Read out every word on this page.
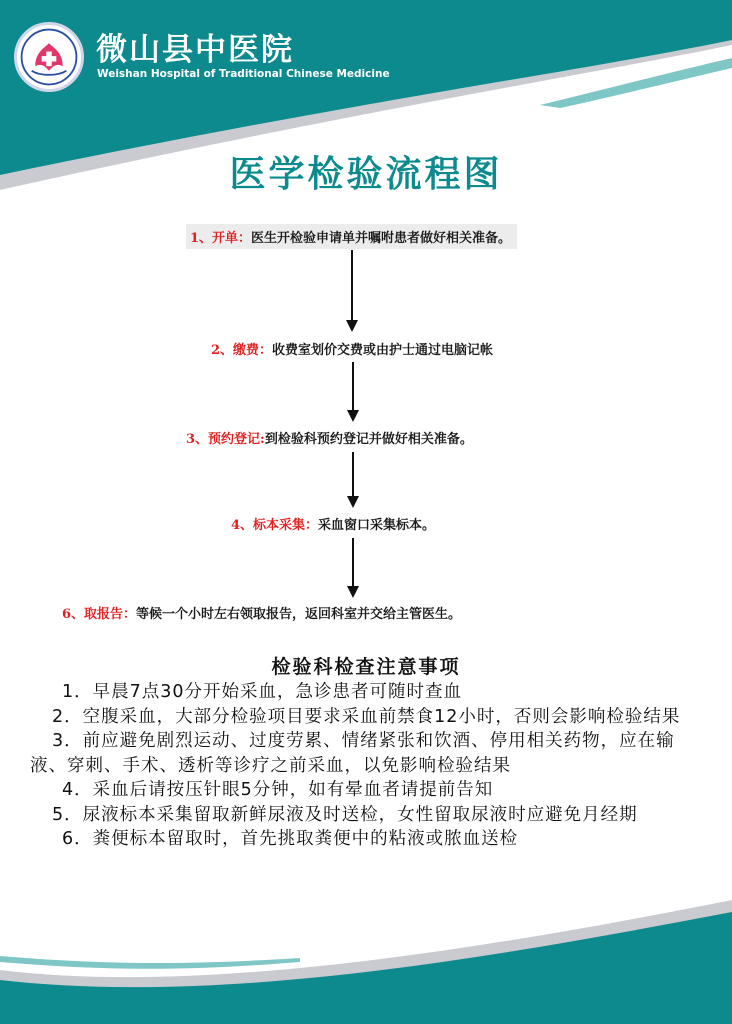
微山县中医院
Weishan Hospital of Traditional Chinese Medicine
医学检验流程图
1、开单：医生开检验申请单并嘱咐患者做好相关准备。
2、缴费：收费室划价交费或由护士通过电脑记帐
3、预约登记:到检验科预约登记并做好相关准备。
4、标本采集：采血窗口采集标本。
6、取报告：等候一个小时左右领取报告，返回科室并交给主管医生。
检验科检查注意事项

1．早晨7点30分开始采血，急诊患者可随时查血

2．空腹采血，大部分检验项目要求采血前禁食12小时，否则会影响检验结果

3．前应避免剧烈运动、过度劳累、情绪紧张和饮酒、停用相关药物，应在输液、穿刺、手术、透析等诊疗之前采血，以免影响检验结果

4．采血后请按压针眼5分钟，如有晕血者请提前告知

5．尿液标本采集留取新鲜尿液及时送检，女性留取尿液时应避免月经期

6．粪便标本留取时，首先挑取粪便中的粘液或脓血送检
